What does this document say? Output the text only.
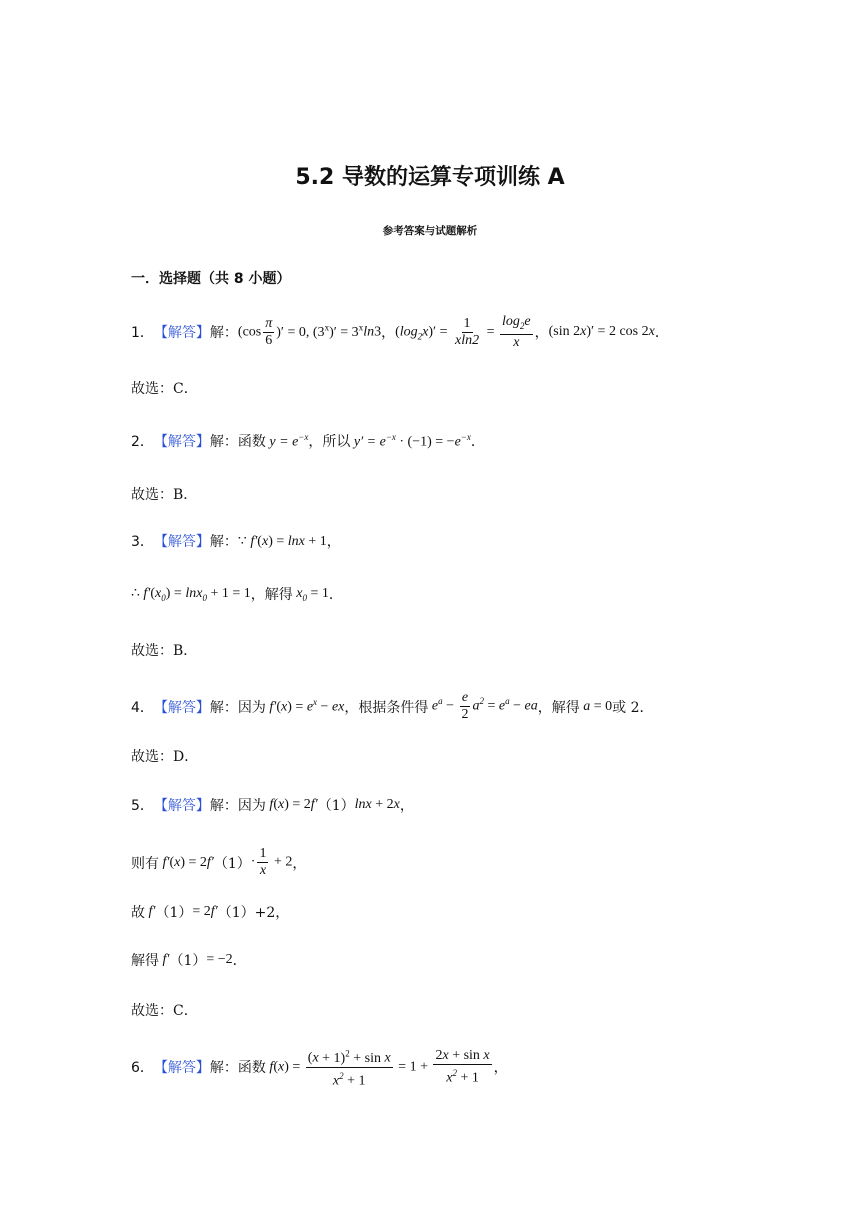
5.2 导数的运算专项训练 A
参考答案与试题解析
一．选择题（共 8 小题）
1． 【解答】 解： ($\cos \frac{\pi}{6}$ )′ = 0, $(3^x)' = 3^x\ln 3$ ， $(\log_2x)' = \frac{1}{xln2} = \frac{\log_2e}{x}$ ， (sin 2x)′ = 2 cos 2x ．
故选：C．
2． 【解答】 解： 函数 $y = e^{-x}$ ，所以 $y' = e^{-x} \cdot (-1) = -e^{-x}$ ．
故选：B．
3． 【解答】 解： ∵ f′(x) = lnx + 1 ，
∴ $f'(x_0) = \ln x_0 + 1 = 1$ ，解得 $x_0 = 1$ ．
故选：B．
4． 【解答】 解： 因为 $f'(x) = e^x$ − ex ，根据条件得 $e^a - \frac{e}{2} a^2 = e^a$ − ea ，解得 a = 0 或 2．
故选：D．
5． 【解答】 解： 因为 f(x) = 2f′ （1） lnx + 2x ，
则有 f′(x) = 2f′ $(1) \cdot \frac{1}{x} + 2$ ，
故 f′ （1） = 2f′ （1） +2，
解得 f′ （1） = −2 ．
故选：C．
6． 【解答】 解： 函数 $f(x) = \frac{(x + 1)^2 + \sin x}{x^2 + 1} = 1 + \frac{\text{2x + sin x}}{x^2 + 1}$ ，
